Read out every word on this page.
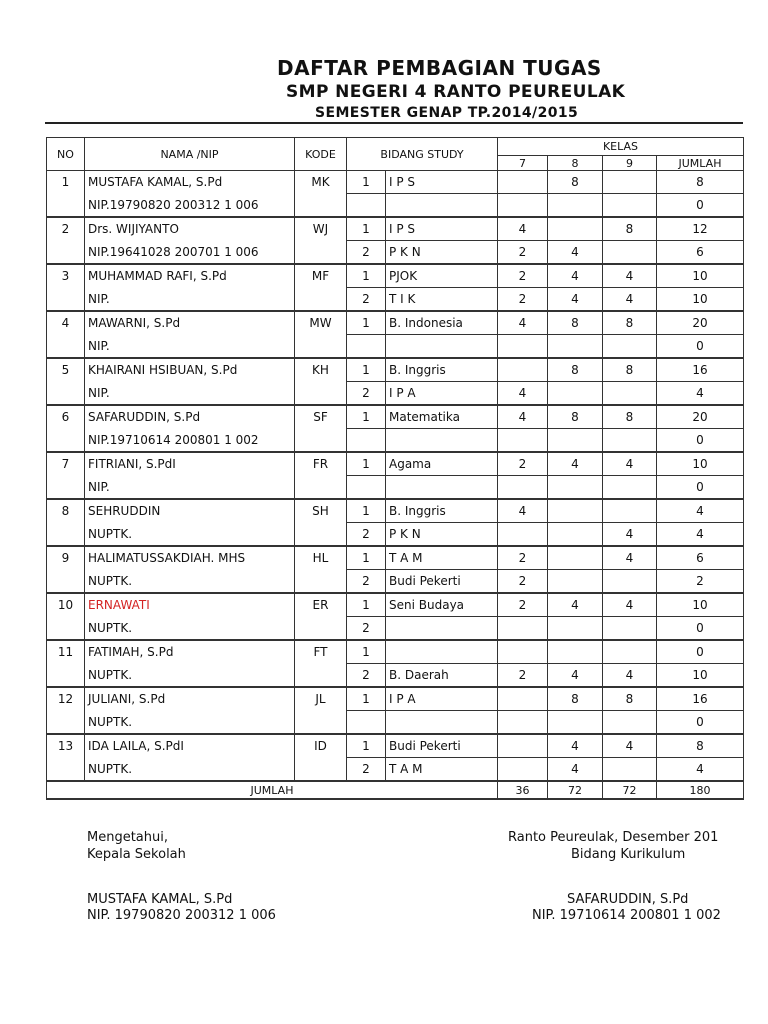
DAFTAR PEMBAGIAN TUGAS
SMP NEGERI 4 RANTO PEUREULAK
SEMESTER GENAP TP.2014/2015
NO	NAMA /NIP	KODE	BIDANG STUDY		KELAS			
					7	8	9	JUMLAH
1	MUSTAFA KAMAL, S.Pd	MK	1	I P S		8		8
	NIP.19790820 200312 1 006							0
2	Drs. WIJIYANTO	WJ	1	I P S	4		8	12
	NIP.19641028 200701 1 006		2	P K N	2	4		6
3	MUHAMMAD RAFI, S.Pd	MF	1	PJOK	2	4	4	10
	NIP.		2	T I K	2	4	4	10
4	MAWARNI, S.Pd	MW	1	B. Indonesia	4	8	8	20
	NIP.							0
5	KHAIRANI HSIBUAN, S.Pd	KH	1	B. Inggris		8	8	16
	NIP.		2	I P A	4			4
6	SAFARUDDIN, S.Pd	SF	1	Matematika	4	8	8	20
	NIP.19710614 200801 1 002							0
7	FITRIANI, S.PdI	FR	1	Agama	2	4	4	10
	NIP.							0
8	SEHRUDDIN	SH	1	B. Inggris	4			4
	NUPTK.		2	P K N			4	4
9	HALIMATUSSAKDIAH. MHS	HL	1	T A M	2		4	6
	NUPTK.		2	Budi Pekerti	2			2
10	ERNAWATI	ER	1	Seni Budaya	2	4	4	10
	NUPTK.		2					0
11	FATIMAH, S.Pd	FT	1					0
	NUPTK.		2	B. Daerah	2	4	4	10
12	JULIANI, S.Pd	JL	1	I P A		8	8	16
	NUPTK.							0
13	IDA LAILA, S.PdI	ID	1	Budi Pekerti		4	4	8
	NUPTK.		2	T A M		4		4
JUMLAH					36	72	72	180
Mengetahui,
Kepala Sekolah
MUSTAFA KAMAL, S.Pd
NIP. 19790820 200312 1 006
Ranto Peureulak, Desember 201
Bidang Kurikulum
SAFARUDDIN, S.Pd
NIP. 19710614 200801 1 002
